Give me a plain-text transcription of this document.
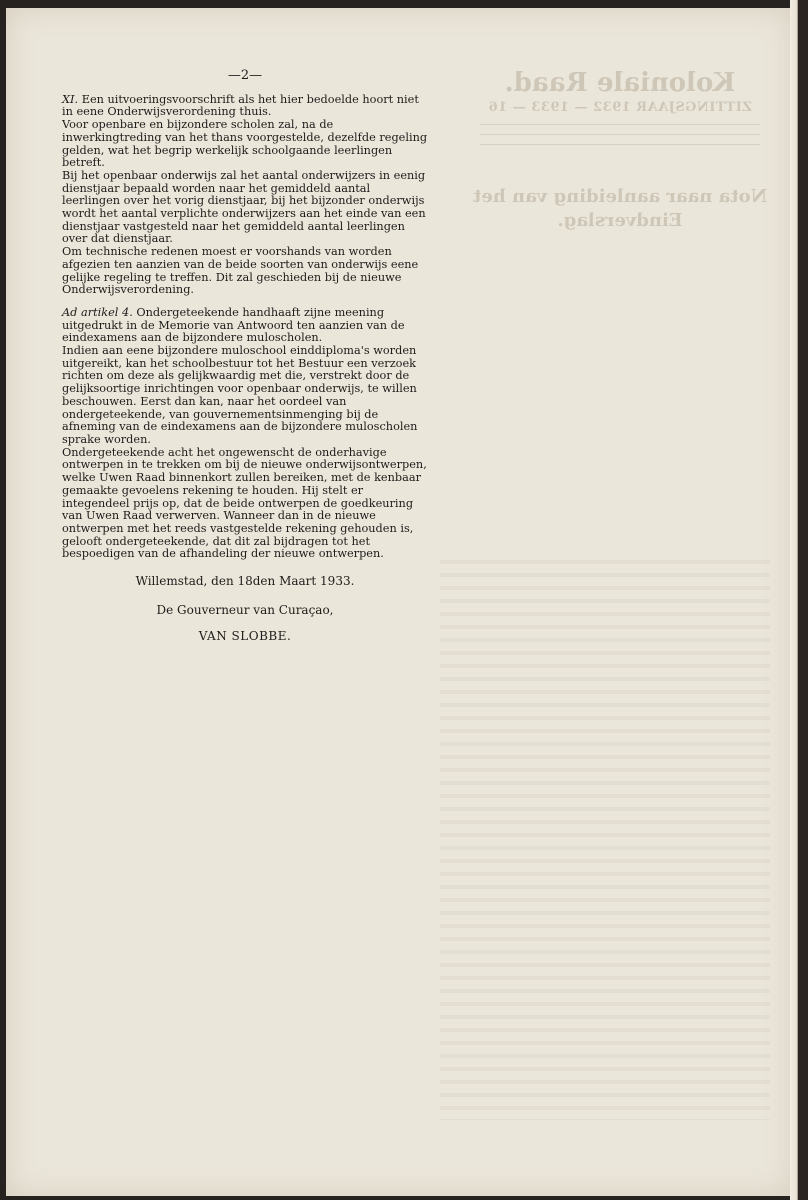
Koloniale Raad.
ZITTINGSJAAR 1932 — 1933 — 16
Nota naar aanleiding van het Eindverslag.
—2—

XI. Een uitvoeringsvoorschrift als het hier bedoelde hoort niet in eene Onderwijsverordening thuis.

Voor openbare en bijzondere scholen zal, na de inwerkingtreding van het thans voorgestelde, dezelfde regeling gelden, wat het begrip werkelijk schoolgaande leerlingen betreft.

Bij het openbaar onderwijs zal het aantal onderwijzers in eenig dienstjaar bepaald worden naar het gemiddeld aantal leerlingen over het vorig dienstjaar, bij het bijzonder onderwijs wordt het aantal verplichte onderwijzers aan het einde van een dienstjaar vastgesteld naar het gemiddeld aantal leerlingen over dat dienstjaar.

Om technische redenen moest er voorshands van worden afgezien ten aanzien van de beide soorten van onderwijs eene gelijke regeling te treffen. Dit zal geschieden bij de nieuwe Onderwijsverordening.

Ad artikel 4. Ondergeteekende handhaaft zijne meening uitgedrukt in de Memorie van Antwoord ten aanzien van de eindexamens aan de bijzondere muloscholen.

Indien aan eene bijzondere muloschool einddiploma's worden uitgereikt, kan het schoolbestuur tot het Bestuur een verzoek richten om deze als gelijkwaardig met die, verstrekt door de gelijksoortige inrichtingen voor openbaar onderwijs, te willen beschouwen. Eerst dan kan, naar het oordeel van ondergeteekende, van gouvernementsinmenging bij de afneming van de eindexamens aan de bijzondere muloscholen sprake worden.

Ondergeteekende acht het ongewenscht de onderhavige ontwerpen in te trekken om bij de nieuwe onderwijsontwerpen, welke Uwen Raad binnenkort zullen bereiken, met de kenbaar gemaakte gevoelens rekening te houden. Hij stelt er integendeel prijs op, dat de beide ontwerpen de goedkeuring van Uwen Raad verwerven. Wanneer dan in de nieuwe ontwerpen met het reeds vastgestelde rekening gehouden is, gelooft ondergeteekende, dat dit zal bijdragen tot het bespoedigen van de afhandeling der nieuwe ontwerpen.

Willemstad, den 18den Maart 1933.
De Gouverneur van Curaçao,
VAN SLOBBE.
